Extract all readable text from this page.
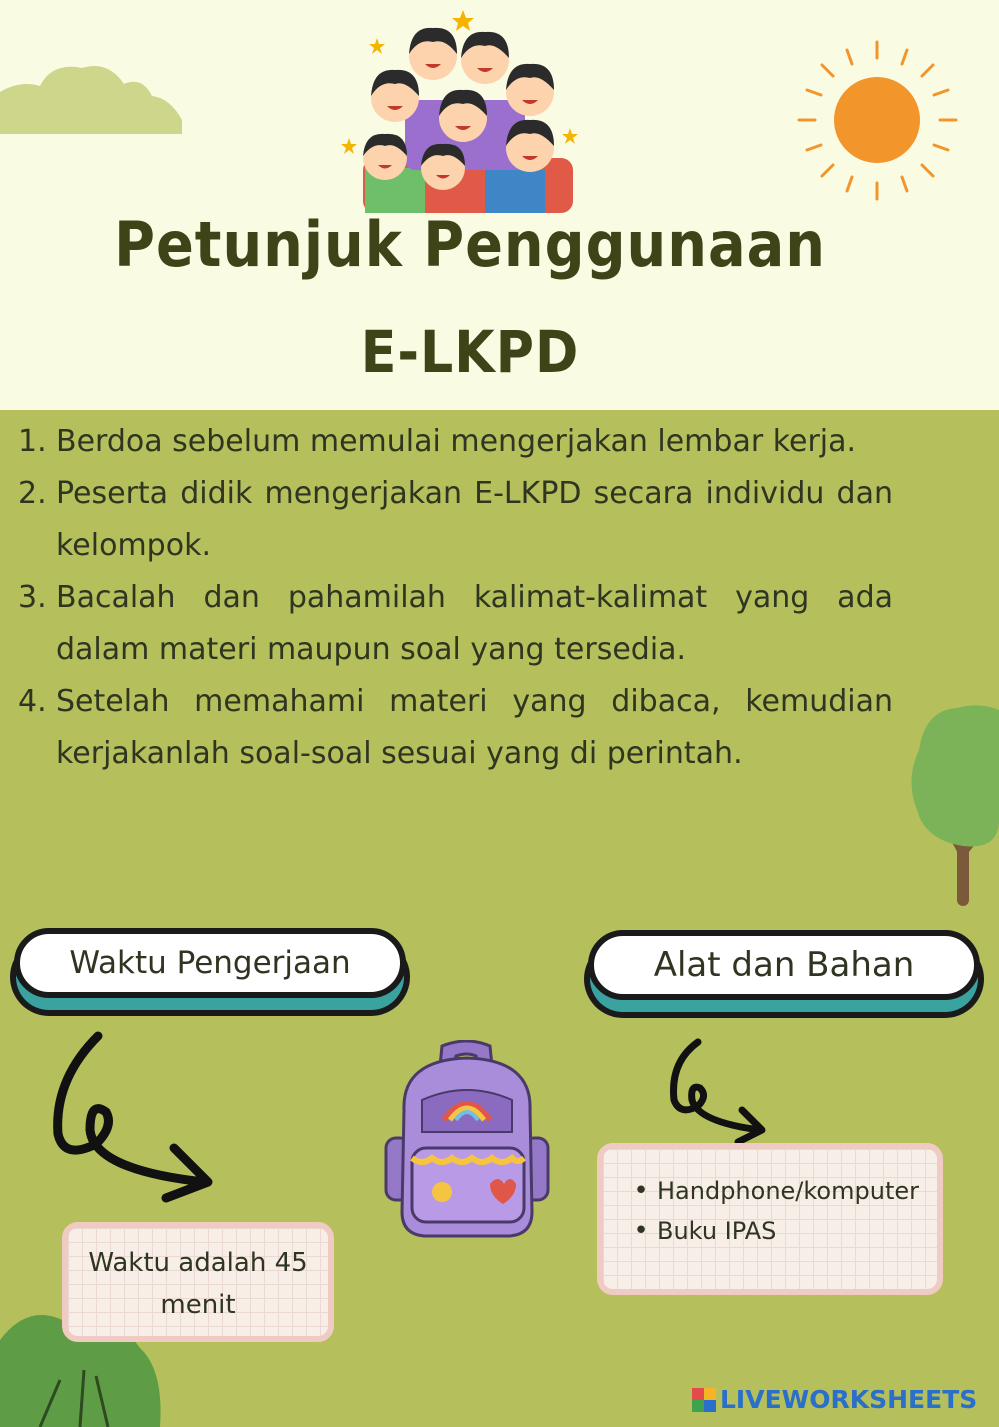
Petunjuk Penggunaan
E-LKPD
1. Berdoa sebelum memulai mengerjakan lembar kerja.
2. Peserta didik mengerjakan E-LKPD secara individu dan kelompok.
3. Bacalah dan pahamilah kalimat-kalimat yang ada dalam materi maupun soal yang tersedia.
4. Setelah memahami materi yang dibaca, kemudian kerjakanlah soal-soal sesuai yang di perintah.
Waktu Pengerjaan	Alat dan Bahan
Waktu adalah 45 menit
• Handphone/komputer
• Buku IPAS
LIVEWORKSHEETS
